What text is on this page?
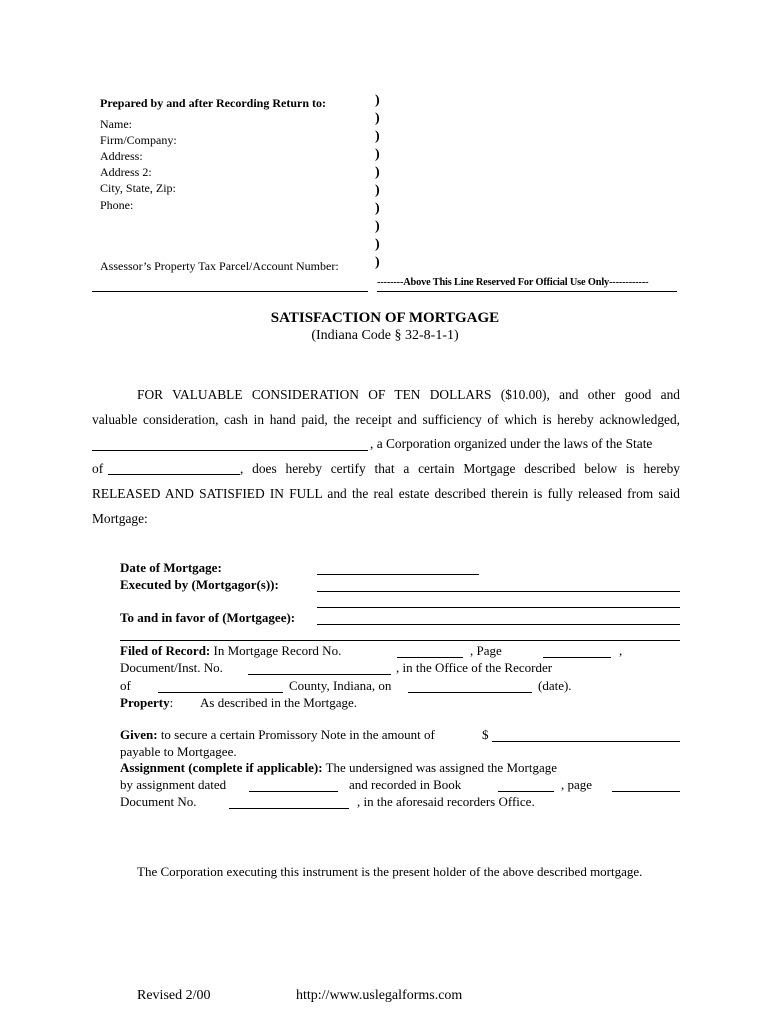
Prepared by and after Recording Return to:
Name:
Firm/Company:
Address:
Address 2:
City, State, Zip:
Phone:
Assessor’s Property Tax Parcel/Account Number:
)
)
)
)
)
)
)
)
)
)
--------Above This Line Reserved For Official Use Only------------
SATISFACTION OF MORTGAGE
(Indiana Code § 32-8-1-1)
FOR VALUABLE CONSIDERATION OF TEN DOLLARS ($10.00), and other good and
valuable consideration, cash in hand paid, the receipt and sufficiency of which is hereby acknowledged,
, a Corporation organized under the laws of the State
of	, does hereby certify that a certain Mortgage described below is hereby
RELEASED AND SATISFIED IN FULL and the real estate described therein is fully released from said
Mortgage:
Date of Mortgage:
Executed by (Mortgagor(s)):
To and in favor of (Mortgagee):
Filed of Record: In Mortgage Record No.	, Page	,
Document/Inst. No.	, in the Office of the Recorder
of	County, Indiana, on	(date).
Property: As described in the Mortgage.
Given: to secure a certain Promissory Note in the amount of	$
payable to Mortgagee.
Assignment (complete if applicable): The undersigned was assigned the Mortgage
by assignment dated	and recorded in Book	, page
Document No.	, in the aforesaid recorders Office.
The Corporation executing this instrument is the present holder of the above described mortgage.
Revised 2/00	http://www.uslegalforms.com
